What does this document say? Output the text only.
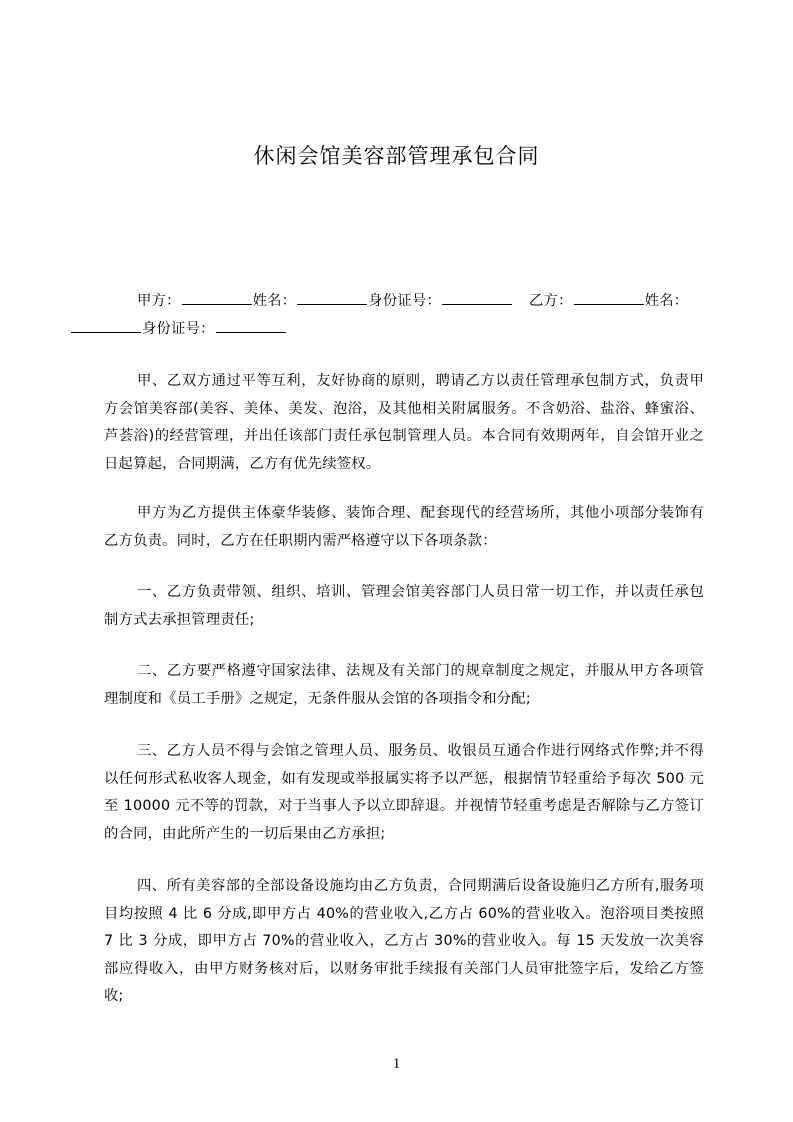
休闲会馆美容部管理承包合同
甲方：	姓名：	身份证号：	乙方：	姓名：
身份证号：
甲、乙双方通过平等互利，友好协商的原则，聘请乙方以责任管理承包制方式，负责甲方会馆美容部(美容、美体、美发、泡浴，及其他相关附属服务。不含奶浴、盐浴、蜂蜜浴、芦荟浴)的经营管理，并出任该部门责任承包制管理人员。本合同有效期两年，自会馆开业之日起算起，合同期满，乙方有优先续签权。
甲方为乙方提供主体豪华装修、装饰合理、配套现代的经营场所，其他小项部分装饰有乙方负责。同时，乙方在任职期内需严格遵守以下各项条款：
一、乙方负责带领、组织、培训、管理会馆美容部门人员日常一切工作，并以责任承包制方式去承担管理责任;
二、乙方要严格遵守国家法律、法规及有关部门的规章制度之规定，并服从甲方各项管理制度和《员工手册》之规定，无条件服从会馆的各项指令和分配;
三、乙方人员不得与会馆之管理人员、服务员、收银员互通合作进行网络式作弊;并不得以任何形式私收客人现金，如有发现或举报属实将予以严惩，根据情节轻重给予每次 500 元至 10000 元不等的罚款，对于当事人予以立即辞退。并视情节轻重考虑是否解除与乙方签订的合同，由此所产生的一切后果由乙方承担;
四、所有美容部的全部设备设施均由乙方负责，合同期满后设备设施归乙方所有,服务项目均按照 4 比 6 分成,即甲方占 40%的营业收入,乙方占 60%的营业收入。泡浴项目类按照 7 比 3 分成，即甲方占 70%的营业收入，乙方占 30%的营业收入。每 15 天发放一次美容部应得收入，由甲方财务核对后，以财务审批手续报有关部门人员审批签字后，发给乙方签收;
1
